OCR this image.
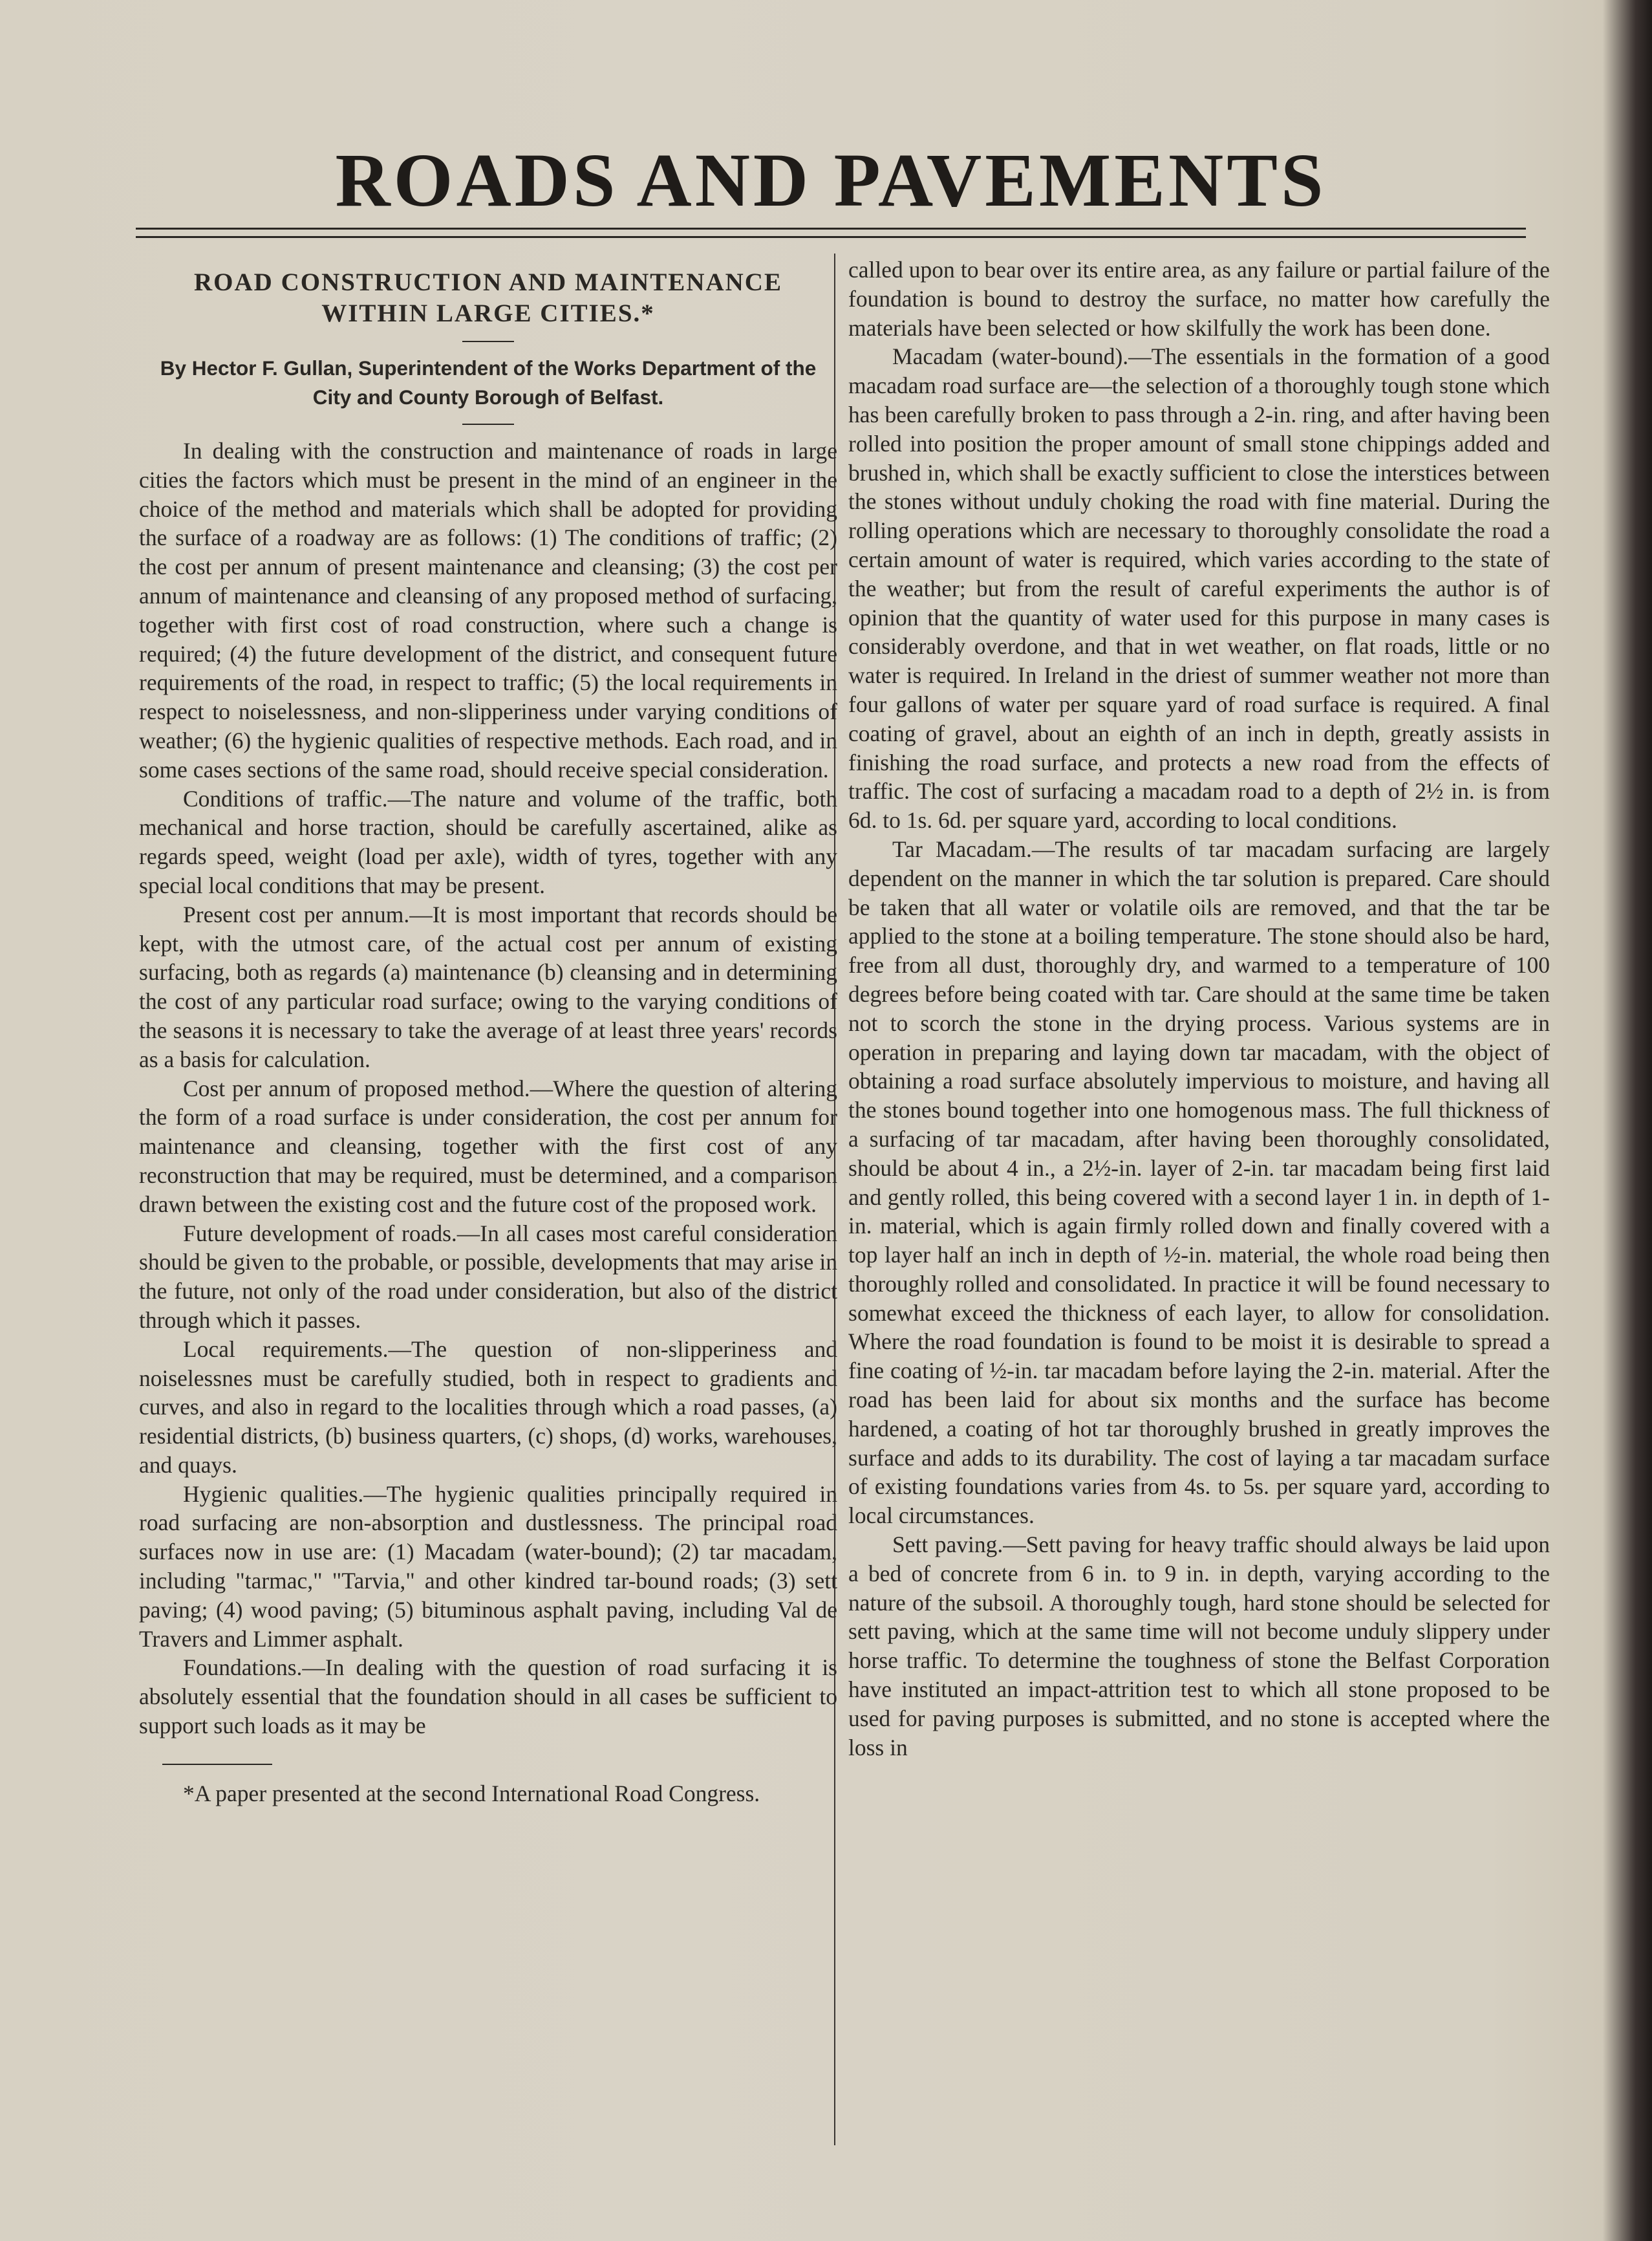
ROADS AND PAVEMENTS
ROAD CONSTRUCTION AND MAINTENANCE WITHIN LARGE CITIES.*
By Hector F. Gullan, Superintendent of the Works Department of the City and County Borough of Belfast.

In dealing with the construction and maintenance of roads in large cities the factors which must be present in the mind of an engineer in the choice of the method and materials which shall be adopted for providing the surface of a roadway are as follows: (1) The conditions of traffic; (2) the cost per annum of present maintenance and cleansing; (3) the cost per annum of maintenance and cleansing of any proposed method of surfacing, together with first cost of road construction, where such a change is required; (4) the future development of the district, and consequent future requirements of the road, in respect to traffic; (5) the local requirements in respect to noiselessness, and non-slipperiness under varying conditions of weather; (6) the hygienic qualities of respective methods. Each road, and in some cases sections of the same road, should receive special consideration.

Conditions of traffic.—The nature and volume of the traffic, both mechanical and horse traction, should be carefully ascertained, alike as regards speed, weight (load per axle), width of tyres, together with any special local conditions that may be present.

Present cost per annum.—It is most important that records should be kept, with the utmost care, of the actual cost per annum of existing surfacing, both as regards (a) maintenance (b) cleansing and in determining the cost of any particular road surface; owing to the varying conditions of the seasons it is necessary to take the average of at least three years' records as a basis for calculation.

Cost per annum of proposed method.—Where the question of altering the form of a road surface is under consideration, the cost per annum for maintenance and cleansing, together with the first cost of any reconstruction that may be required, must be determined, and a comparison drawn between the existing cost and the future cost of the proposed work.

Future development of roads.—In all cases most careful consideration should be given to the probable, or possible, developments that may arise in the future, not only of the road under consideration, but also of the district through which it passes.

Local requirements.—The question of non-slipperiness and noiselessnes must be carefully studied, both in respect to gradients and curves, and also in regard to the localities through which a road passes, (a) residential districts, (b) business quarters, (c) shops, (d) works, warehouses, and quays.

Hygienic qualities.—The hygienic qualities principally required in road surfacing are non-absorption and dustlessness. The principal road surfaces now in use are: (1) Macadam (water-bound); (2) tar macadam, including "tarmac," "Tarvia," and other kindred tar-bound roads; (3) sett paving; (4) wood paving; (5) bituminous asphalt paving, including Val de Travers and Limmer asphalt.

Foundations.—In dealing with the question of road surfacing it is absolutely essential that the foundation should in all cases be sufficient to support such loads as it may be

*A paper presented at the second International Road Congress.

called upon to bear over its entire area, as any failure or partial failure of the foundation is bound to destroy the surface, no matter how carefully the materials have been selected or how skilfully the work has been done.

Macadam (water-bound).—The essentials in the formation of a good macadam road surface are—the selection of a thoroughly tough stone which has been carefully broken to pass through a 2-in. ring, and after having been rolled into position the proper amount of small stone chippings added and brushed in, which shall be exactly sufficient to close the interstices between the stones without unduly choking the road with fine material. During the rolling operations which are necessary to thoroughly consolidate the road a certain amount of water is required, which varies according to the state of the weather; but from the result of careful experiments the author is of opinion that the quantity of water used for this purpose in many cases is considerably overdone, and that in wet weather, on flat roads, little or no water is required. In Ireland in the driest of summer weather not more than four gallons of water per square yard of road surface is required. A final coating of gravel, about an eighth of an inch in depth, greatly assists in finishing the road surface, and protects a new road from the effects of traffic. The cost of surfacing a macadam road to a depth of 2½ in. is from 6d. to 1s. 6d. per square yard, according to local conditions.

Tar Macadam.—The results of tar macadam surfacing are largely dependent on the manner in which the tar solution is prepared. Care should be taken that all water or volatile oils are removed, and that the tar be applied to the stone at a boiling temperature. The stone should also be hard, free from all dust, thoroughly dry, and warmed to a temperature of 100 degrees before being coated with tar. Care should at the same time be taken not to scorch the stone in the drying process. Various systems are in operation in preparing and laying down tar macadam, with the object of obtaining a road surface absolutely impervious to moisture, and having all the stones bound together into one homogenous mass. The full thickness of a surfacing of tar macadam, after having been thoroughly consolidated, should be about 4 in., a 2½-in. layer of 2-in. tar macadam being first laid and gently rolled, this being covered with a second layer 1 in. in depth of 1-in. material, which is again firmly rolled down and finally covered with a top layer half an inch in depth of ½-in. material, the whole road being then thoroughly rolled and consolidated. In practice it will be found necessary to somewhat exceed the thickness of each layer, to allow for consolidation. Where the road foundation is found to be moist it is desirable to spread a fine coating of ½-in. tar macadam before laying the 2-in. material. After the road has been laid for about six months and the surface has become hardened, a coating of hot tar thoroughly brushed in greatly improves the surface and adds to its durability. The cost of laying a tar macadam surface of existing foundations varies from 4s. to 5s. per square yard, according to local circumstances.

Sett paving.—Sett paving for heavy traffic should always be laid upon a bed of concrete from 6 in. to 9 in. in depth, varying according to the nature of the subsoil. A thoroughly tough, hard stone should be selected for sett paving, which at the same time will not become unduly slippery under horse traffic. To determine the toughness of stone the Belfast Corporation have instituted an impact-attrition test to which all stone proposed to be used for paving purposes is submitted, and no stone is accepted where the loss in
